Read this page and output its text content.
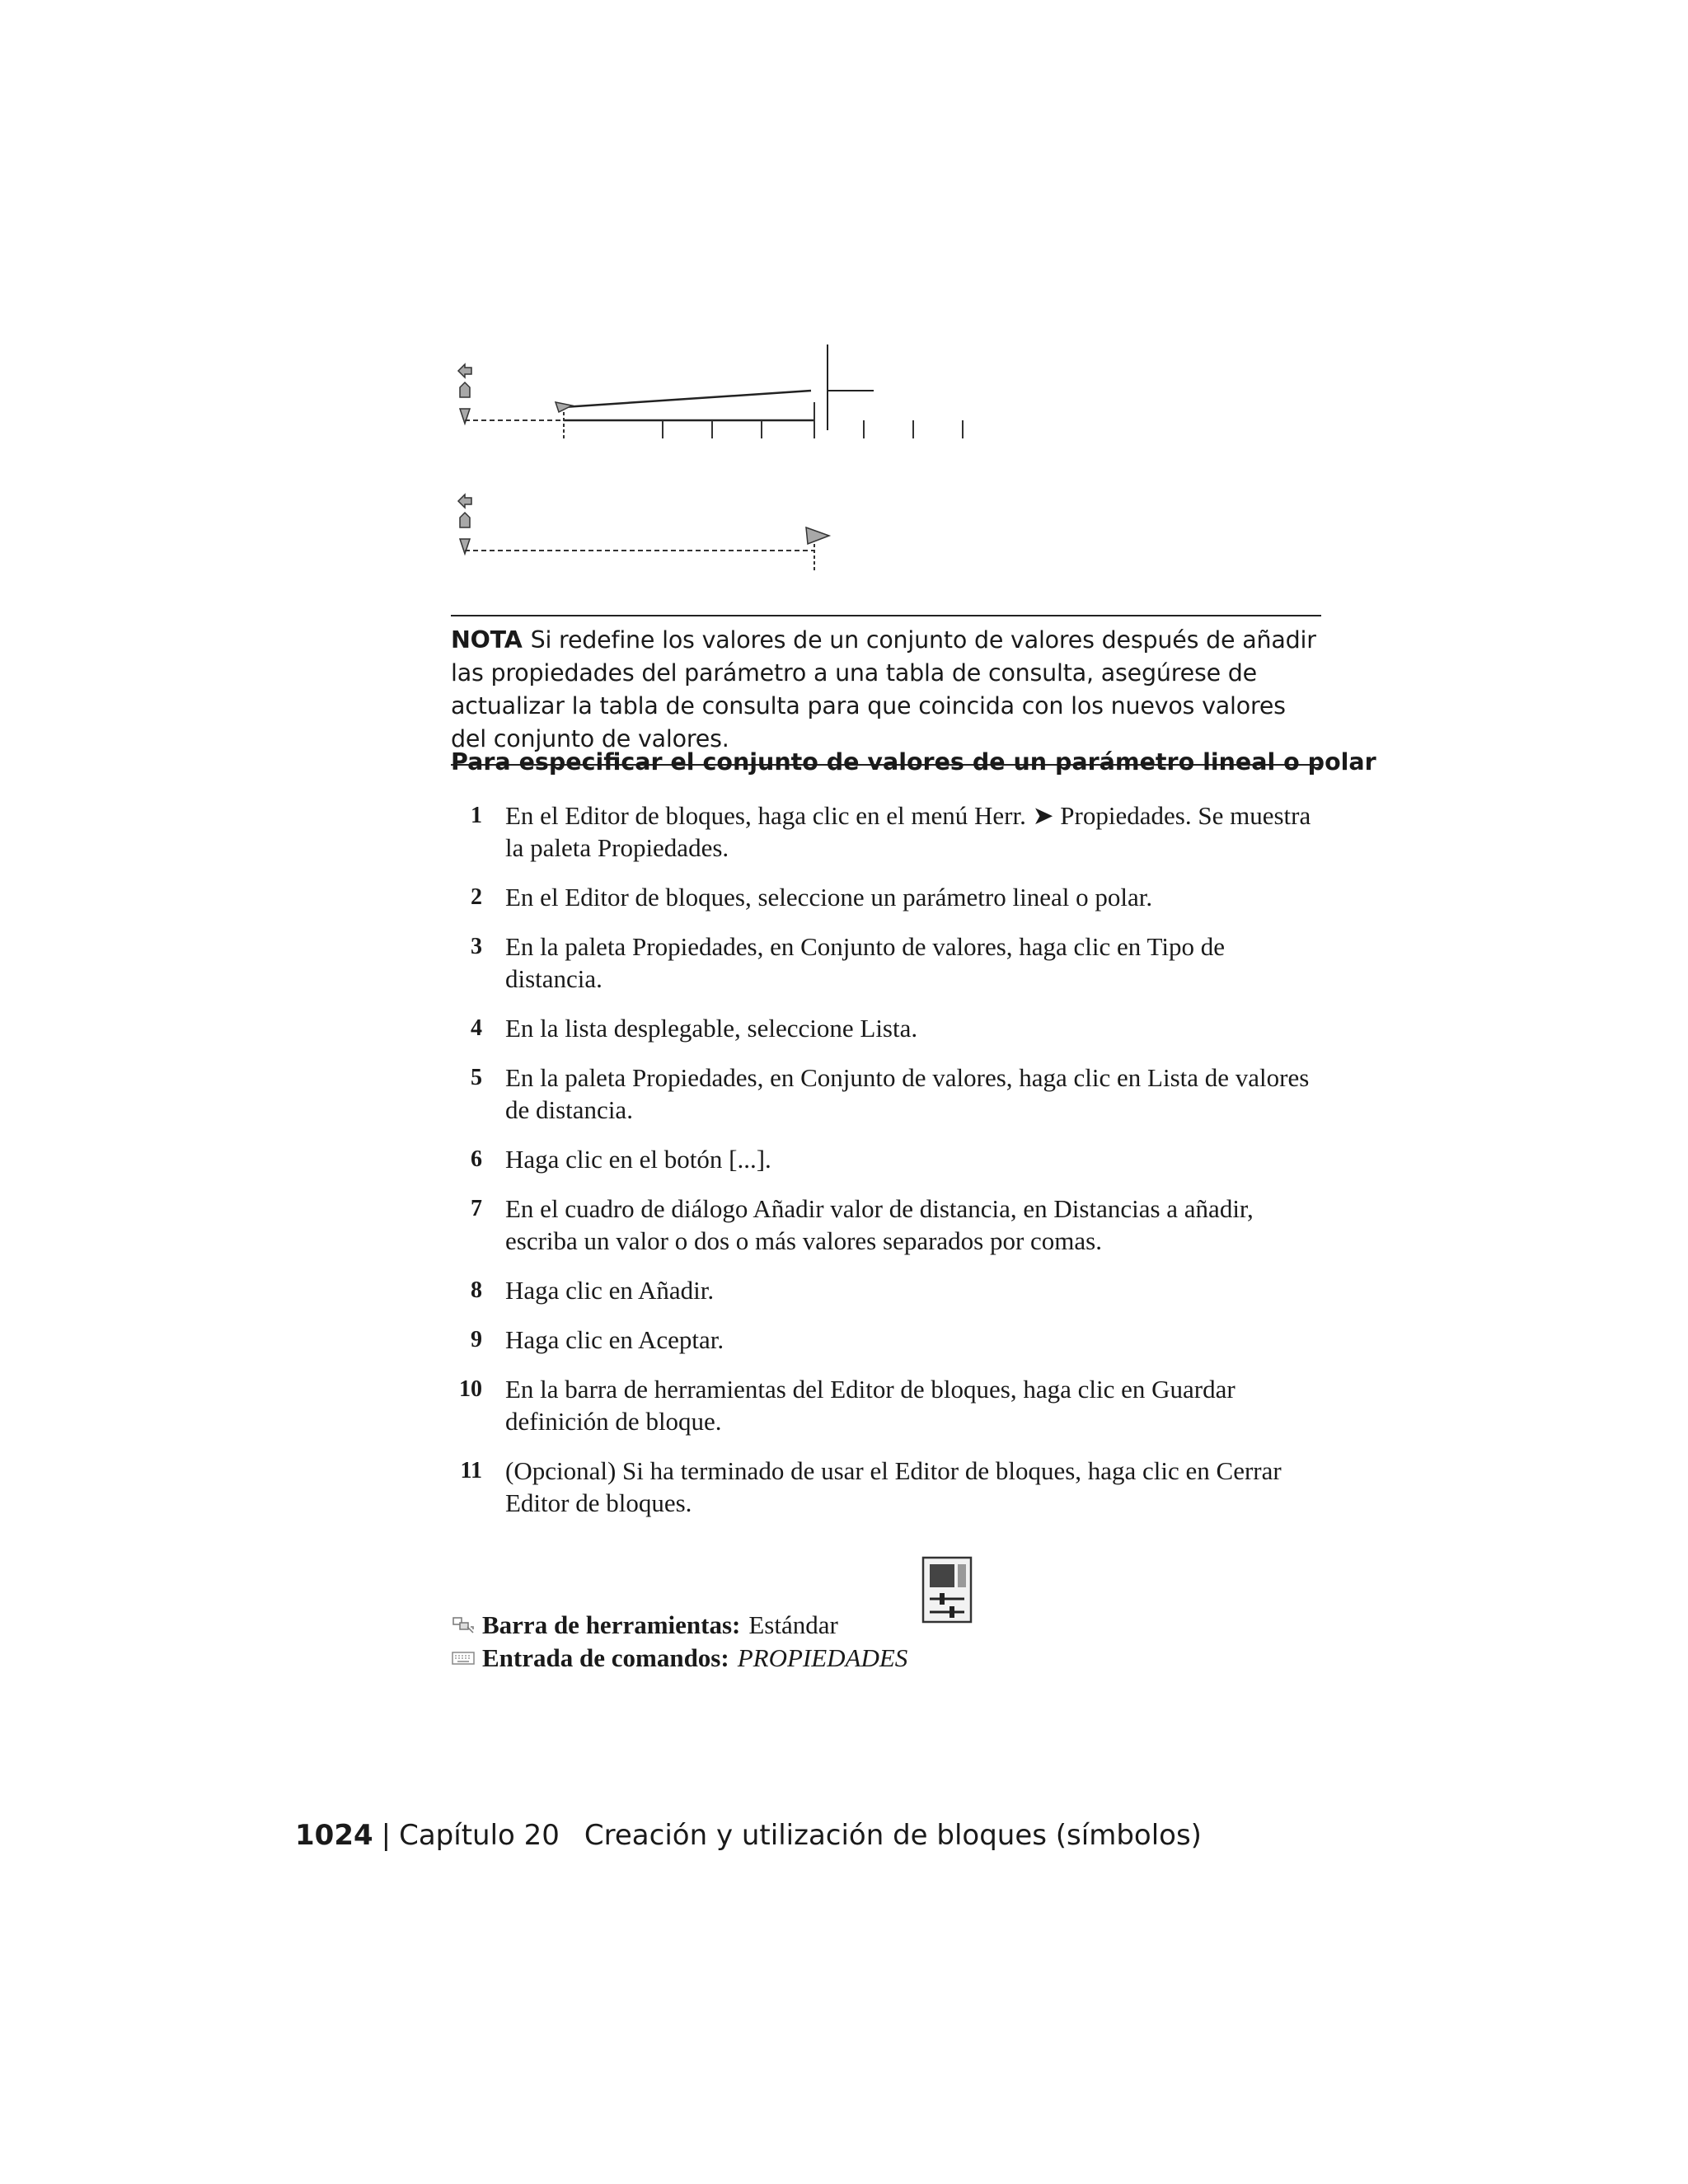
NOTA Si redefine los valores de un conjunto de valores después de añadir las propiedades del parámetro a una tabla de consulta, asegúrese de actualizar la tabla de consulta para que coincida con los nuevos valores del conjunto de valores.
Para especificar el conjunto de valores de un parámetro lineal o polar
1 En el Editor de bloques, haga clic en el menú Herr. ➤ Propiedades. Se muestra la paleta Propiedades.
2 En el Editor de bloques, seleccione un parámetro lineal o polar.
3 En la paleta Propiedades, en Conjunto de valores, haga clic en Tipo de distancia.
4 En la lista desplegable, seleccione Lista.
5 En la paleta Propiedades, en Conjunto de valores, haga clic en Lista de valores de distancia.
6 Haga clic en el botón [...].
7 En el cuadro de diálogo Añadir valor de distancia, en Distancias a añadir, escriba un valor o dos o más valores separados por comas.
8 Haga clic en Añadir.
9 Haga clic en Aceptar.
10 En la barra de herramientas del Editor de bloques, haga clic en Guardar definición de bloque.
11 (Opcional) Si ha terminado de usar el Editor de bloques, haga clic en Cerrar Editor de bloques.
Barra de herramientas: Estándar
Entrada de comandos: PROPIEDADES
1024 | Capítulo 20 Creación y utilización de bloques (símbolos)
